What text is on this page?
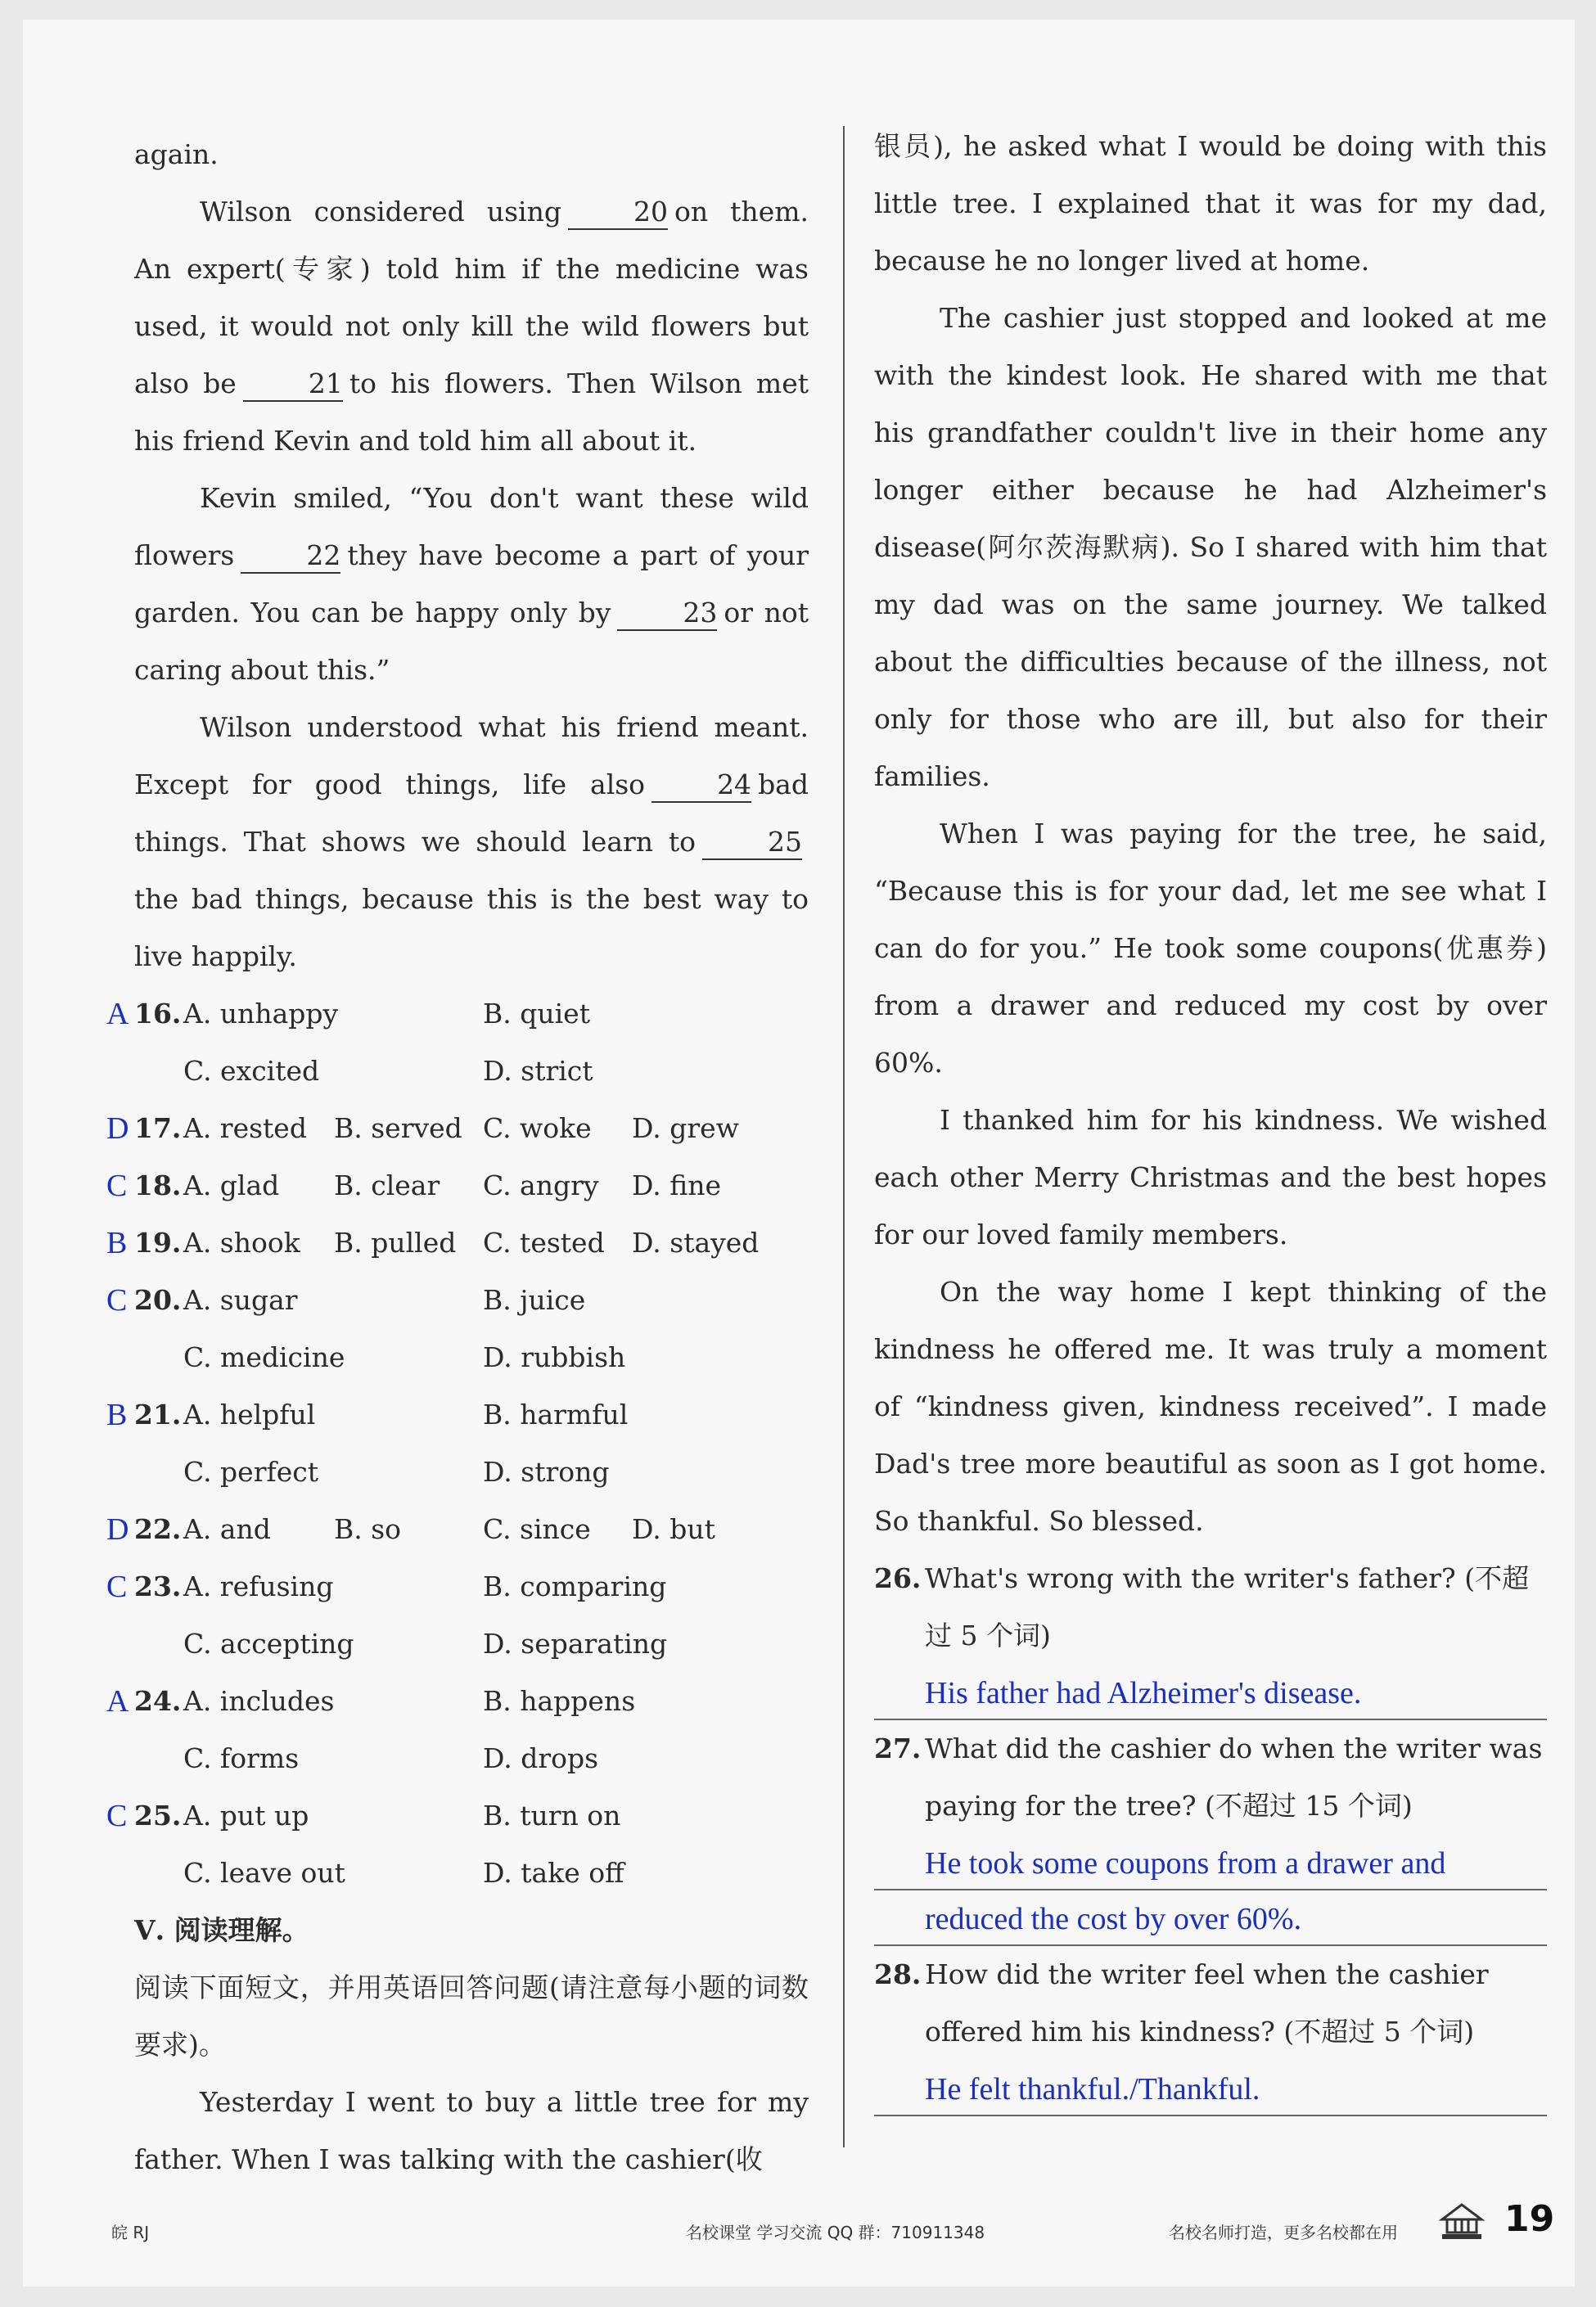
again.

Wilson considered using	20 on them. An expert(专家) told him if the medicine was used, it would not only kill the wild flowers but also be	21 to his flowers. Then Wilson met his friend Kevin and told him all about it.

Kevin smiled, “You don't want these wild flowers	22 they have become a part of your garden. You can be happy only by	23 or not caring about this.”

Wilson understood what his friend meant. Except for good things, life also	24 bad things. That shows we should learn to	25the bad things, because this is the best way to live happily.

A 16. A. unhappy	B. quiet
C. excited	D. strict
D 17. A. rested B. served C. woke D. grew
C 18. A. glad B. clear C. angry D. fine
B 19. A. shook B. pulled C. tested D. stayed
C 20. A. sugar	B. juice
C. medicine	D. rubbish
B 21. A. helpful	B. harmful
C. perfect	D. strong
D 22. A. and B. so	C. since D. but
C 23. A. refusing	B. comparing
C. accepting	D. separating
A 24. A. includes	B. happens
C. forms	D. drops
C 25. A. put up	B. turn on
C. leave out	D. take off
Ⅴ. 阅读理解。

阅读下面短文，并用英语回答问题(请注意每小题的词数要求)。

Yesterday I went to buy a little tree for my father. When I was talking with the cashier(收

银员), he asked what I would be doing with this little tree. I explained that it was for my dad, because he no longer lived at home.

The cashier just stopped and looked at me with the kindest look. He shared with me that his grandfather couldn't live in their home any longer either because he had Alzheimer's disease(阿尔茨海默病). So I shared with him that my dad was on the same journey. We talked about the difficulties because of the illness, not only for those who are ill, but also for their families.

When I was paying for the tree, he said, “Because this is for your dad, let me see what I can do for you.” He took some coupons(优惠券) from a drawer and reduced my cost by over 60%.

I thanked him for his kindness. We wished each other Merry Christmas and the best hopes for our loved family members.

On the way home I kept thinking of the kindness he offered me. It was truly a moment of “kindness given, kindness received”. I made Dad's tree more beautiful as soon as I got home. So thankful. So blessed.

26. What's wrong with the writer's father? (不超过 5 个词)
His father had Alzheimer's disease.
27. What did the cashier do when the writer was paying for the tree? (不超过 15 个词)
He took some coupons from a drawer and
reduced the cost by over 60%.
28. How did the writer feel when the cashier offered him his kindness? (不超过 5 个词)
He felt thankful./Thankful.
皖 RJ	名校课堂 学习交流 QQ 群：710911348	名校名师打造，更多名校都在用	19
